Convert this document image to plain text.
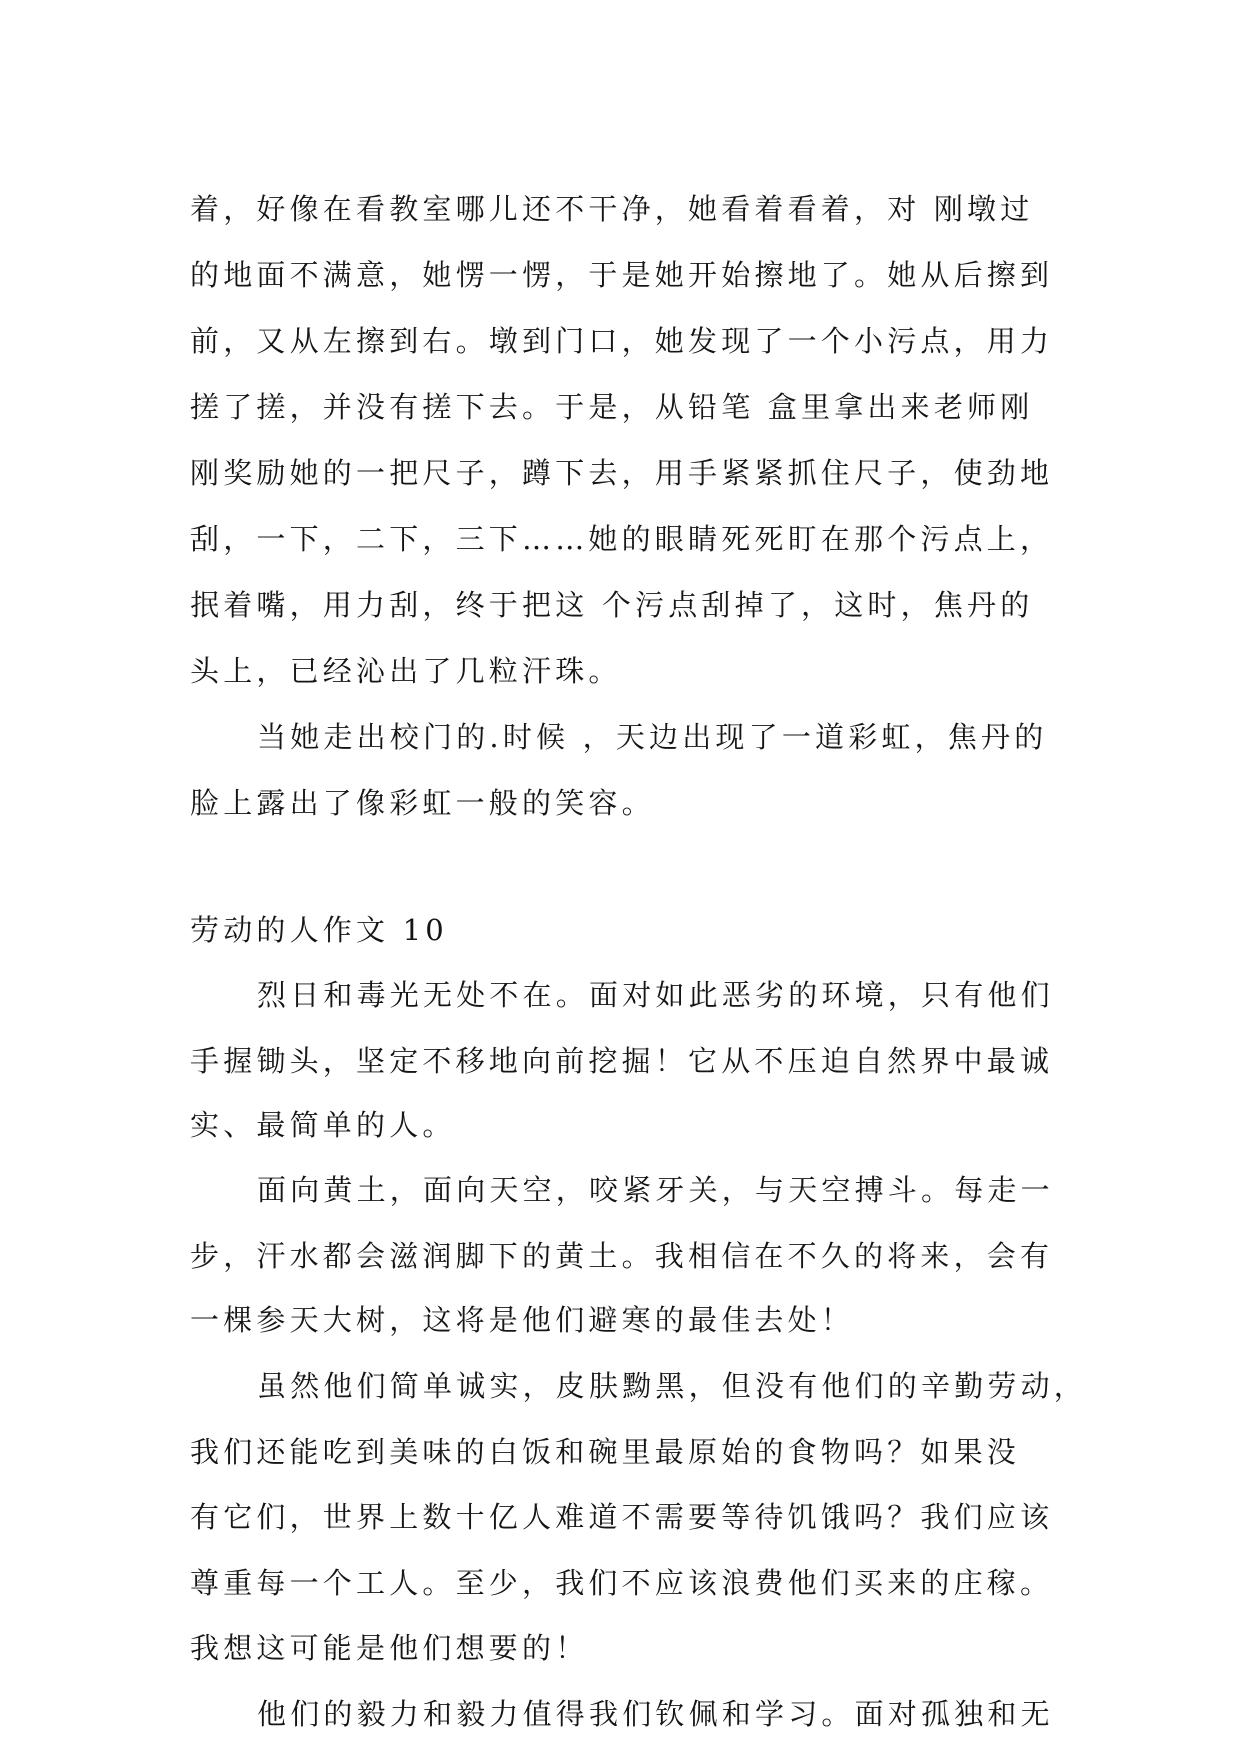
着，好像在看教室哪儿还不干净，她看着看着，对 刚墩过
的地面不满意，她愣一愣，于是她开始擦地了。她从后擦到
前，又从左擦到右。墩到门口，她发现了一个小污点，用力
搓了搓，并没有搓下去。于是，从铅笔 盒里拿出来老师刚
刚奖励她的一把尺子，蹲下去，用手紧紧抓住尺子，使劲地
刮，一下，二下，三下……她的眼睛死死盯在那个污点上，
抿着嘴，用力刮，终于把这 个污点刮掉了，这时，焦丹的
头上，已经沁出了几粒汗珠。
当她走出校门的.时候 ，天边出现了一道彩虹，焦丹的
脸上露出了像彩虹一般的笑容。
劳动的人作文 10
烈日和毒光无处不在。面对如此恶劣的环境，只有他们
手握锄头，坚定不移地向前挖掘！它从不压迫自然界中最诚
实、最简单的人。
面向黄土，面向天空，咬紧牙关，与天空搏斗。每走一
步，汗水都会滋润脚下的黄土。我相信在不久的将来，会有
一棵参天大树，这将是他们避寒的最佳去处！
虽然他们简单诚实，皮肤黝黑，但没有他们的辛勤劳动，
我们还能吃到美味的白饭和碗里最原始的食物吗？如果没
有它们，世界上数十亿人难道不需要等待饥饿吗？我们应该
尊重每一个工人。至少，我们不应该浪费他们买来的庄稼。
我想这可能是他们想要的！
他们的毅力和毅力值得我们钦佩和学习。面对孤独和无
